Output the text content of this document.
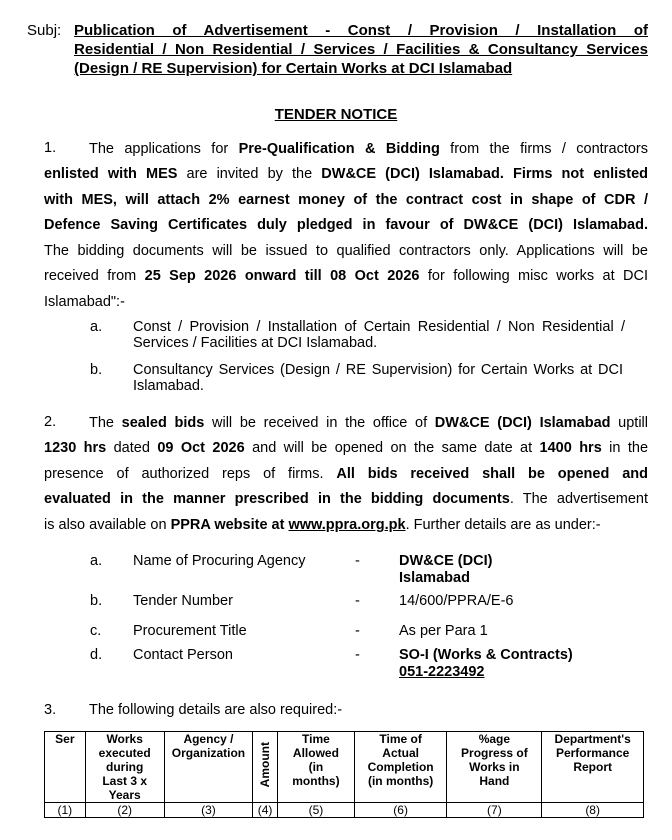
Subj: Publication of Advertisement - Const / Provision / Installation of
Residential / Non Residential / Services / Facilities & Consultancy Services
(Design / RE Supervision) for Certain Works at DCI Islamabad
TENDER NOTICE
1. The applications for Pre-Qualification & Bidding from the firms / contractors
enlisted with MES are invited by the DW&CE (DCI) Islamabad. Firms not enlisted
with MES, will attach 2% earnest money of the contract cost in shape of CDR /
Defence Saving Certificates duly pledged in favour of DW&CE (DCI) Islamabad.
The bidding documents will be issued to qualified contractors only. Applications will be
received from 25 Sep 2026 onward till 08 Oct 2026 for following misc works at DCI
Islamabad":-
a. Const / Provision / Installation of Certain Residential / Non Residential /
Services / Facilities at DCI Islamabad.
b. Consultancy Services (Design / RE Supervision) for Certain Works at DCI
Islamabad.
2. The sealed bids will be received in the office of DW&CE (DCI) Islamabad uptill
1230 hrs dated 09 Oct 2026 and will be opened on the same date at 1400 hrs in the
presence of authorized reps of firms. All bids received shall be opened and
evaluated in the manner prescribed in the bidding documents. The advertisement
is also available on PPRA website at www.ppra.org.pk. Further details are as under:-
a. Name of Procuring Agency	-	DW&CE (DCI)
Islamabad
b. Tender Number	-	14/600/PPRA/E-6
c. Procurement Title	-	As per Para 1
d. Contact Person	-	SO-I (Works & Contracts)
051-2223492
3. The following details are also required:-
Ser	Works
executed
during
Last 3 x
Years	Agency /
Organization	Amount	Time
Allowed
(in
months)	Time of
Actual
Completion
(in months)	%age
Progress of
Works in
Hand	Department's
Performance
Report
(1)	(2)	(3)	(4)	(5)	(6)	(7)	(8)
